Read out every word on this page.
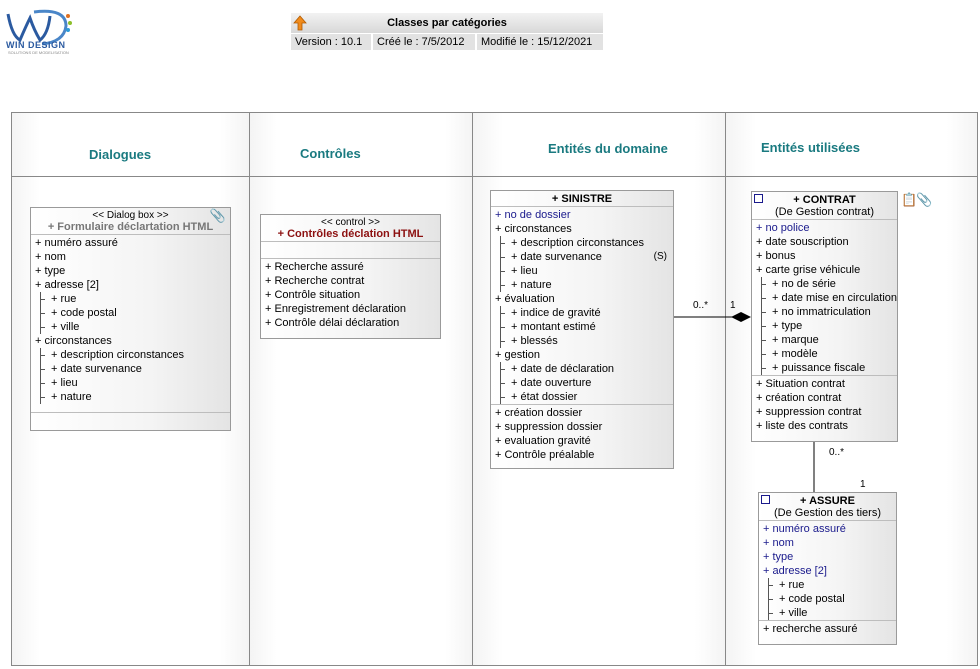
WIN DESIGN
SOLUTIONS DE MODELISATION
Classes par catégories
Version : 10.1	Créé le : 7/5/2012	Modifié le : 15/12/2021
Dialogues	Contrôles	Entités du domaine	Entités utilisées
<< Dialog box >>
+ Formulaire déclartation HTML
📎
+ numéro assuré
+ nom
+ type
+ adresse [2]
+ rue
+ code postal
+ ville
+ circonstances
+ description circonstances
+ date survenance
+ lieu
+ nature
<< control >>
+ Contrôles déclation HTML
+ Recherche assuré
+ Recherche contrat
+ Contrôle situation
+ Enregistrement déclaration
+ Contrôle délai déclaration
+ SINISTRE
+ no de dossier
+ circonstances
+ description circonstances
+ date survenance	(S)
+ lieu
+ nature
+ évaluation
+ indice de gravité
+ montant estimé
+ blessés
+ gestion
+ date de déclaration
+ date ouverture
+ état dossier
+ création dossier
+ suppression dossier
+ evaluation gravité
+ Contrôle préalable
+ CONTRAT
(De Gestion contrat)
+ no police
+ date souscription
+ bonus
+ carte grise véhicule
+ no de série
+ date mise en circulation
+ no immatriculation
+ type
+ marque
+ modèle
+ puissance fiscale
+ Situation contrat
+ création contrat
+ suppression contrat
+ liste des contrats
📋
📎
+ ASSURE
(De Gestion des tiers)
+ numéro assuré
+ nom
+ type
+ adresse [2]
+ rue
+ code postal
+ ville
+ recherche assuré
0..* 1
0..*
1
